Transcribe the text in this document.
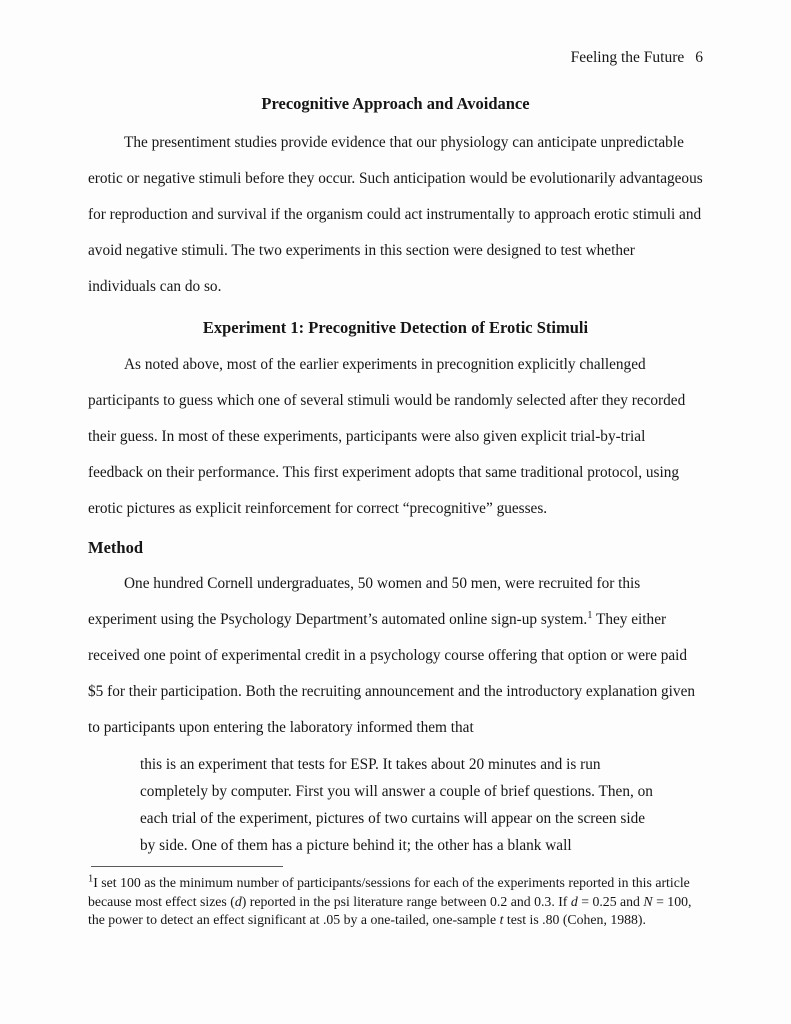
Feeling the Future 6
Precognitive Approach and Avoidance

The presentiment studies provide evidence that our physiology can anticipate unpredictable erotic or negative stimuli before they occur. Such anticipation would be evolutionarily advantageous for reproduction and survival if the organism could act instrumentally to approach erotic stimuli and avoid negative stimuli. The two experiments in this section were designed to test whether individuals can do so.

Experiment 1: Precognitive Detection of Erotic Stimuli

As noted above, most of the earlier experiments in precognition explicitly challenged participants to guess which one of several stimuli would be randomly selected after they recorded their guess. In most of these experiments, participants were also given explicit trial-by-trial feedback on their performance. This first experiment adopts that same traditional protocol, using erotic pictures as explicit reinforcement for correct “precognitive” guesses.

Method

One hundred Cornell undergraduates, 50 women and 50 men, were recruited for this experiment using the Psychology Department’s automated online sign-up system.$^1$ They either received one point of experimental credit in a psychology course offering that option or were paid $5 for their participation. Both the recruiting announcement and the introductory explanation given to participants upon entering the laboratory informed them that

this is an experiment that tests for ESP. It takes about 20 minutes and is run completely by computer. First you will answer a couple of brief questions. Then, on each trial of the experiment, pictures of two curtains will appear on the screen side by side. One of them has a picture behind it; the other has a blank wall
$^1$I set 100 as the minimum number of participants/sessions for each of the experiments reported in this article because most effect sizes (d) reported in the psi literature range between 0.2 and 0.3. If d = 0.25 and N = 100, the power to detect an effect significant at .05 by a one-tailed, one-sample t test is .80 (Cohen, 1988).
